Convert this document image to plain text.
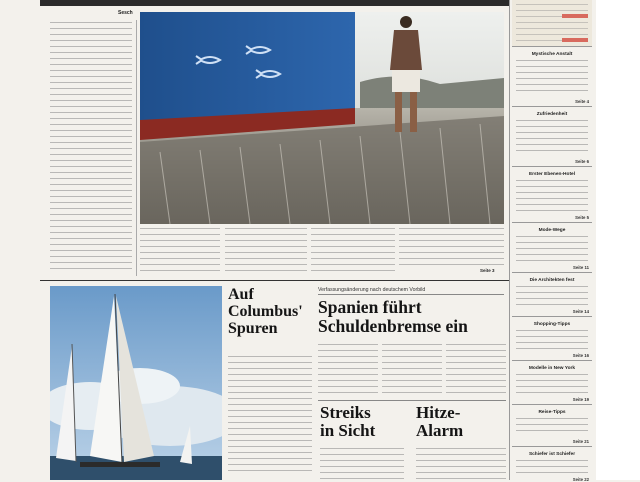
Sesch
Seite 3
Auf
Columbus'
Spuren
Verfassungsänderung nach deutschem Vorbild
Spanien führt
Schuldenbremse ein
Streiks
in Sicht
Hitze-
Alarm
Mystische Anstalt
Seite 4
Zufriedenheit
Seite 6
Erster Ebenen-Hotel
Seite 5
Mode-Wege
Seite 11
Die Architekten fest
Seite 14
Shopping-Tipps
Seite 16
Modelle in New York
Seite 19
Reise-Tipps
Seite 21
Schiefer ist Schiefer
Seite 22
